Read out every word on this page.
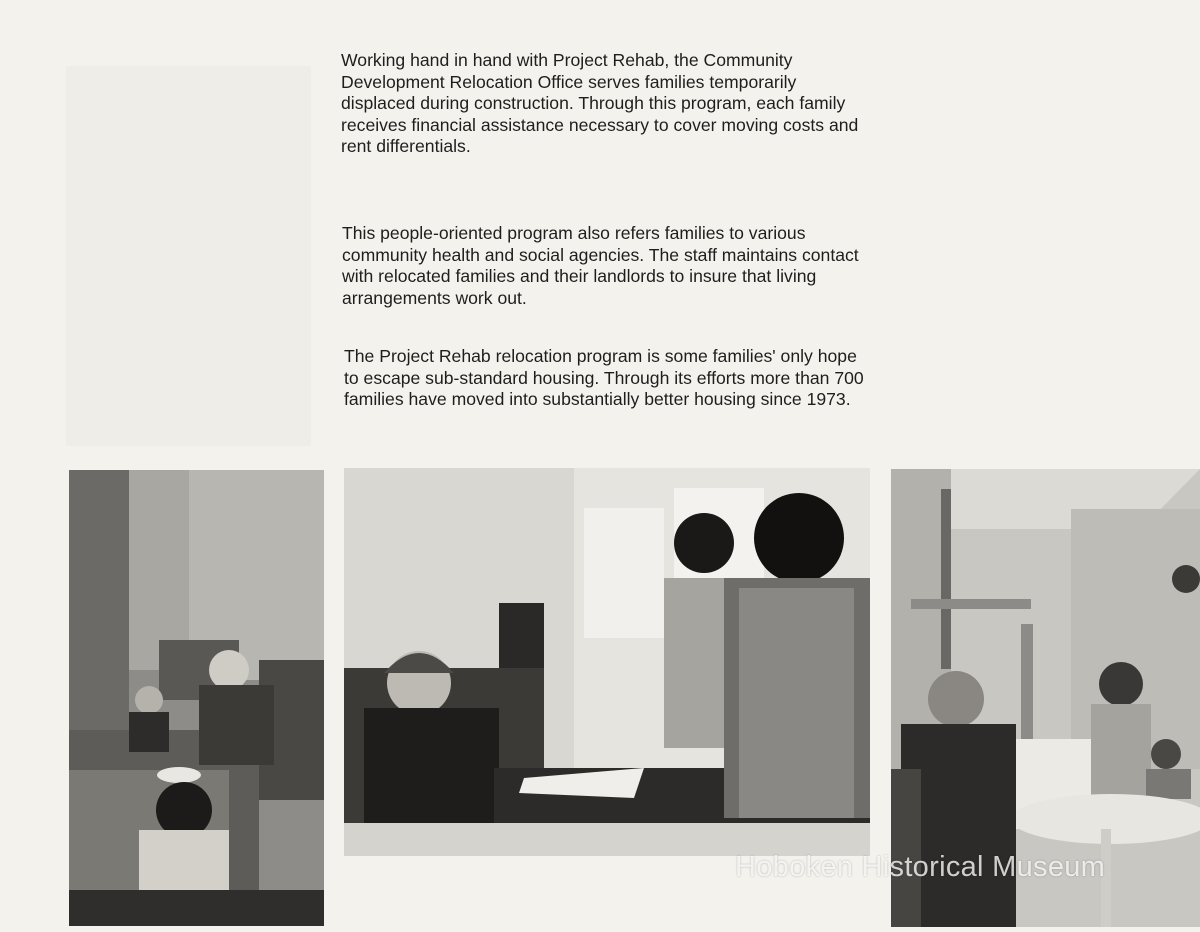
Working hand in hand with Project Rehab, the Community Development Relocation Office serves families temporarily displaced during construction. Through this program, each family receives financial assistance necessary to cover moving costs and rent differentials.

This people-oriented program also refers families to various community health and social agencies. The staff maintains contact with relocated families and their landlords to insure that living arrangements work out.

The Project Rehab relocation program is some families' only hope to escape sub-standard housing. Through its efforts more than 700 families have moved into substantially better housing since 1973.

Hoboken Historical Museum
